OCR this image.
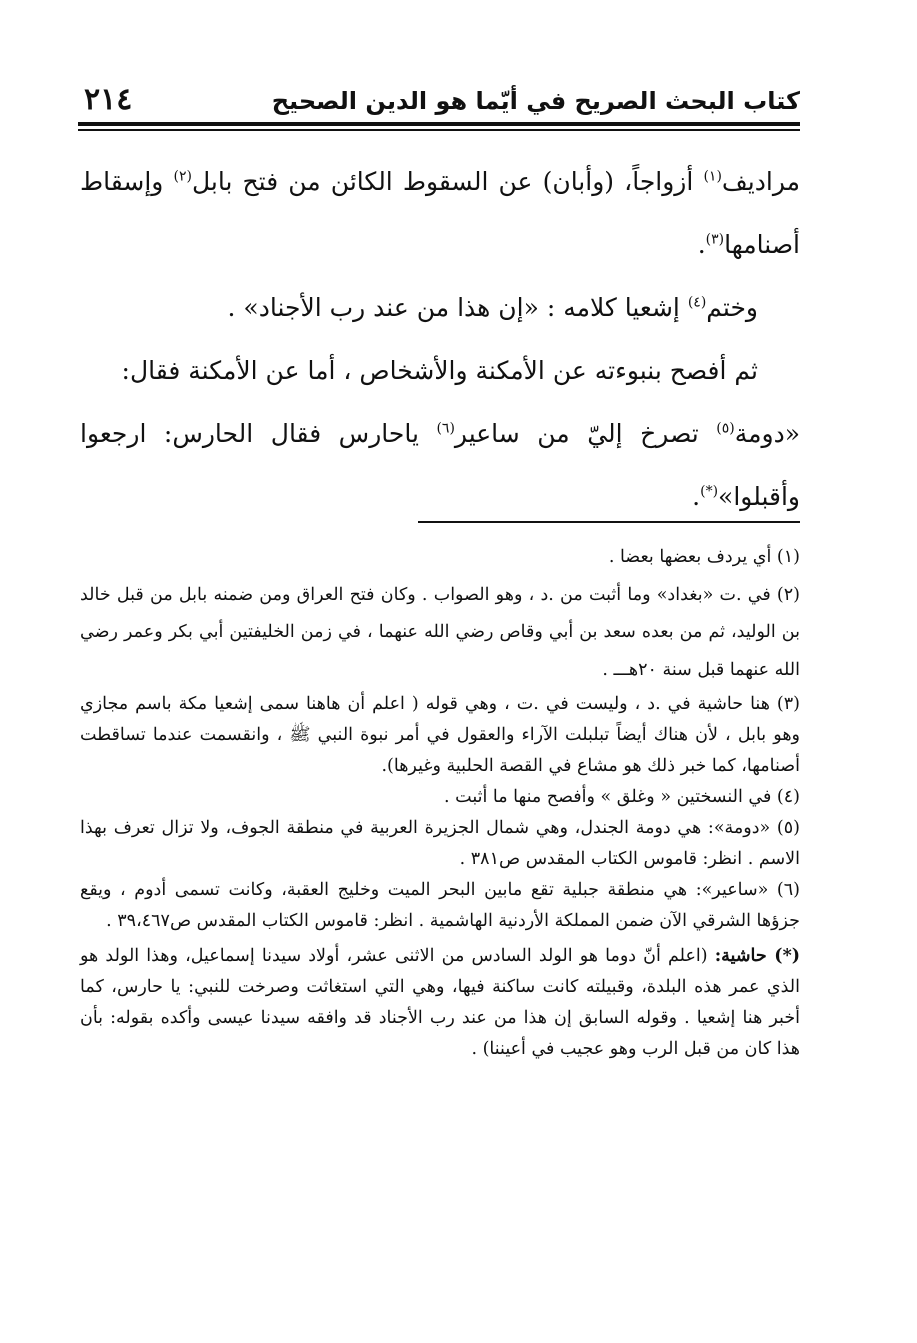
كتاب البحث الصريح في أيّما هو الدين الصحيح
٢١٤

مراديف$^{(١)}$ أزواجاً، (وأبان) عن السقوط الكائن من فتح بابل$^{(٢)}$ وإسقاط أصنامها$^{(٣)}$.

وختم$^{(٤)}$ إشعيا كلامه : «إن هذا من عند رب الأجناد» .

ثم أفصح بنبوءته عن الأمكنة والأشخاص ، أما عن الأمكنة فقال:

«دومة$^{(٥)}$ تصرخ إليّ من ساعير$^{(٦)}$ ياحارس فقال الحارس: ارجعوا وأقبلوا»(*).

(١) أي يردف بعضها بعضا .

(٢) في .ت «بغداد» وما أثبت من .د ، وهو الصواب . وكان فتح العراق ومن ضمنه بابل من قبل خالد بن الوليد، ثم من بعده سعد بن أبي وقاص رضي الله عنهما ، في زمن الخليفتين أبي بكر وعمر رضي الله عنهما قبل سنة ٢٠هـــ .

(٣) هنا حاشية في .د ، وليست في .ت ، وهي قوله ( اعلم أن هاهنا سمى إشعيا مكة باسم مجازي وهو بابل ، لأن هناك أيضاً تبلبلت الآراء والعقول في أمر نبوة النبي ﷺ ، وانقسمت عندما تساقطت أصنامها، كما خبر ذلك هو مشاع في القصة الحلبية وغيرها).

(٤) في النسختين « وغلق » وأفصح منها ما أثبت .

(٥) «دومة»: هي دومة الجندل، وهي شمال الجزيرة العربية في منطقة الجوف، ولا تزال تعرف بهذا الاسم . انظر: قاموس الكتاب المقدس ص٣٨١ .

(٦) «ساعير»: هي منطقة جبلية تقع مابين البحر الميت وخليج العقبة، وكانت تسمى أدوم ، ويقع جزؤها الشرقي الآن ضمن المملكة الأردنية الهاشمية . انظر: قاموس الكتاب المقدس ص٣٩،٤٦٧ .

(*) حاشية: (اعلم أنّ دوما هو الولد السادس من الاثنى عشر، أولاد سيدنا إسماعيل، وهذا الولد هو الذي عمر هذه البلدة، وقبيلته كانت ساكنة فيها، وهي التي استغاثت وصرخت للنبي: يا حارس، كما أخبر هنا إشعيا . وقوله السابق إن هذا من عند رب الأجناد قد وافقه سيدنا عيسى وأكده بقوله: بأن هذا كان من قبل الرب وهو عجيب في أعيننا) .
